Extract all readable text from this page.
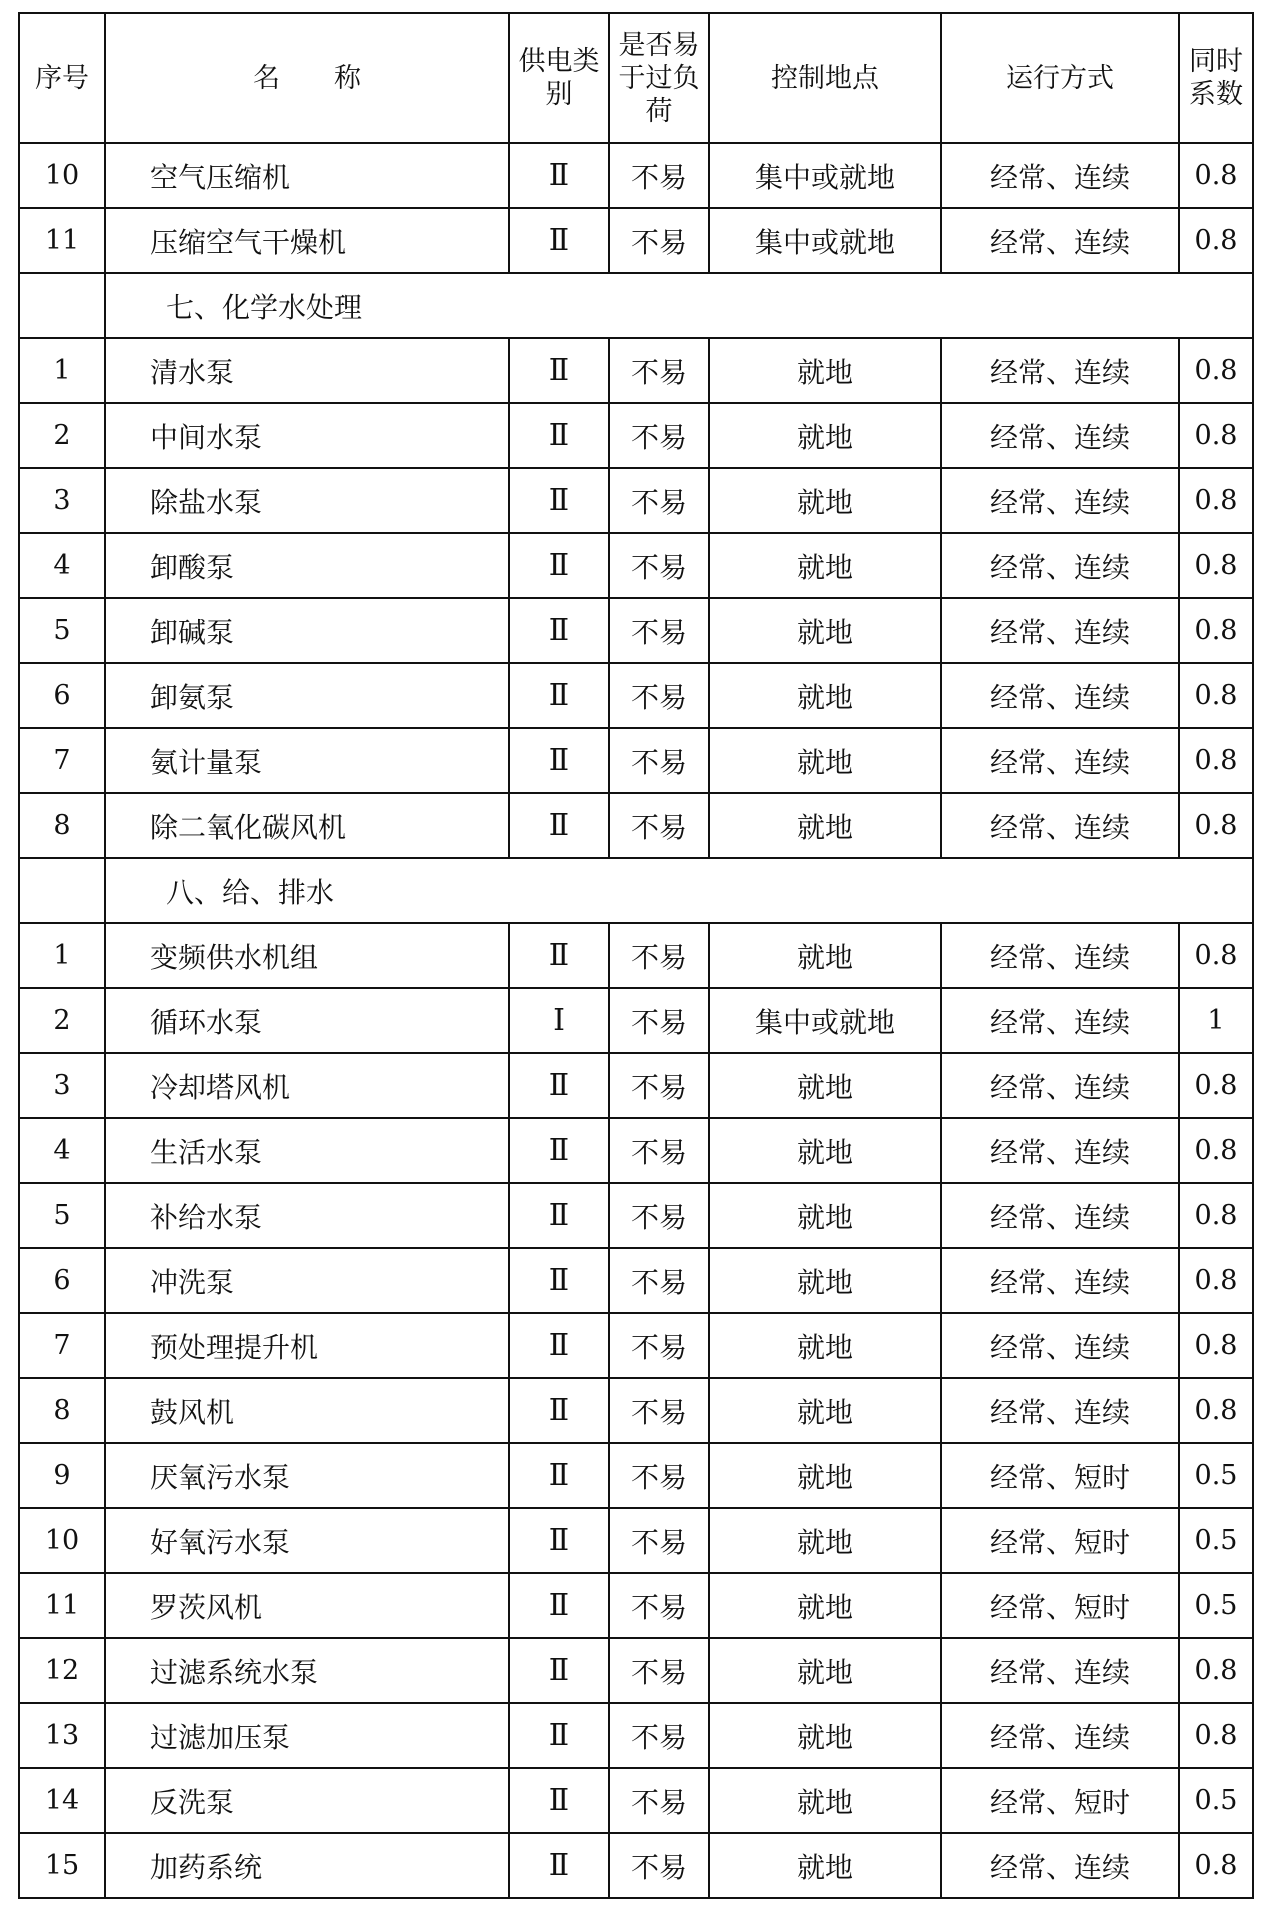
序号	名　　称	供电类别	是否易于过负荷	控制地点	运行方式	同时系数
10	空气压缩机	Ⅱ	不易	集中或就地	经常、连续	0.8
11	压缩空气干燥机	Ⅱ	不易	集中或就地	经常、连续	0.8
	七、化学水处理					
1	清水泵	Ⅱ	不易	就地	经常、连续	0.8
2	中间水泵	Ⅱ	不易	就地	经常、连续	0.8
3	除盐水泵	Ⅱ	不易	就地	经常、连续	0.8
4	卸酸泵	Ⅱ	不易	就地	经常、连续	0.8
5	卸碱泵	Ⅱ	不易	就地	经常、连续	0.8
6	卸氨泵	Ⅱ	不易	就地	经常、连续	0.8
7	氨计量泵	Ⅱ	不易	就地	经常、连续	0.8
8	除二氧化碳风机	Ⅱ	不易	就地	经常、连续	0.8
	八、给、排水					
1	变频供水机组	Ⅱ	不易	就地	经常、连续	0.8
2	循环水泵	Ⅰ	不易	集中或就地	经常、连续	1
3	冷却塔风机	Ⅱ	不易	就地	经常、连续	0.8
4	生活水泵	Ⅱ	不易	就地	经常、连续	0.8
5	补给水泵	Ⅱ	不易	就地	经常、连续	0.8
6	冲洗泵	Ⅱ	不易	就地	经常、连续	0.8
7	预处理提升机	Ⅱ	不易	就地	经常、连续	0.8
8	鼓风机	Ⅱ	不易	就地	经常、连续	0.8
9	厌氧污水泵	Ⅱ	不易	就地	经常、短时	0.5
10	好氧污水泵	Ⅱ	不易	就地	经常、短时	0.5
11	罗茨风机	Ⅱ	不易	就地	经常、短时	0.5
12	过滤系统水泵	Ⅱ	不易	就地	经常、连续	0.8
13	过滤加压泵	Ⅱ	不易	就地	经常、连续	0.8
14	反洗泵	Ⅱ	不易	就地	经常、短时	0.5
15	加药系统	Ⅱ	不易	就地	经常、连续	0.8
